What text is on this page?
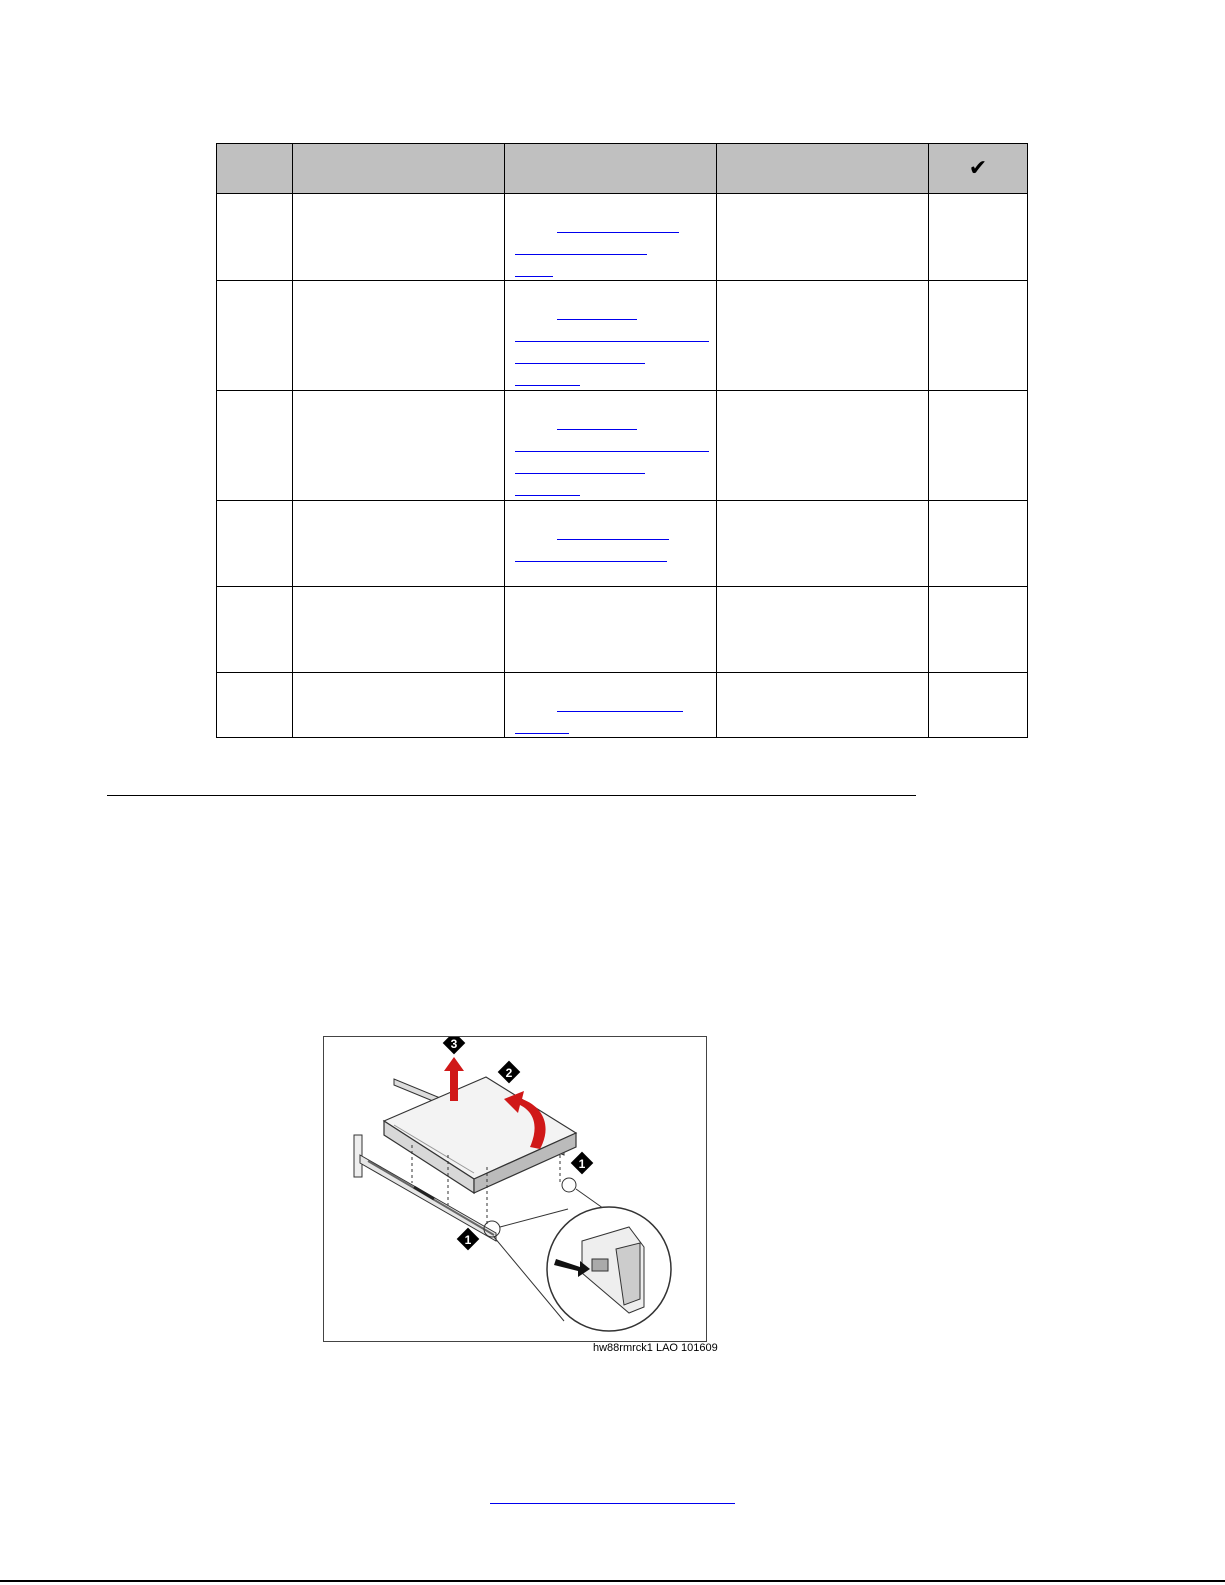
				✔

3
2
1
1
hw88rmrck1 LAO 101609
